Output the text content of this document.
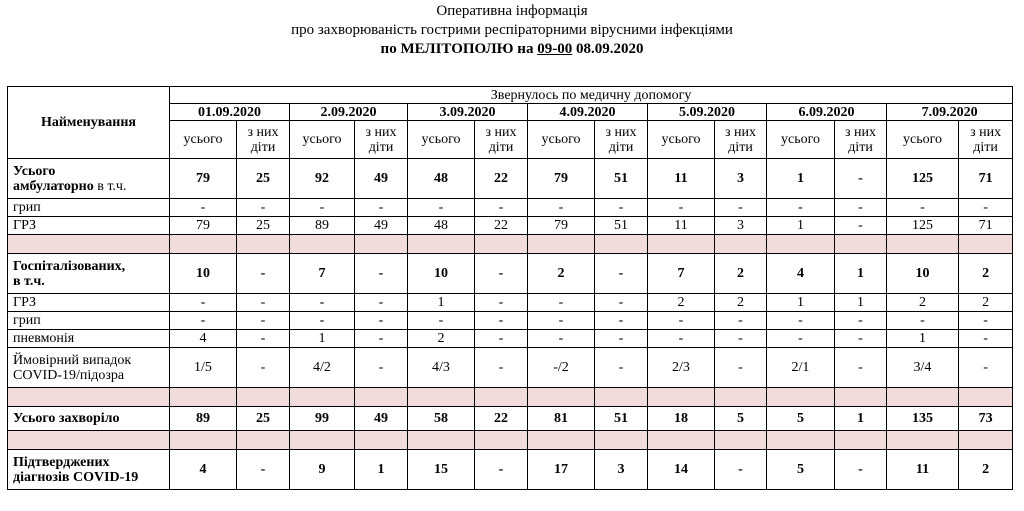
Оперативна інформація
про захворюваність гострими респіраторними вірусними інфекціями
по МЕЛІТОПОЛЮ на 09-00 08.09.2020
Найменування	Звернулось по медичну допомогу													
	01.09.2020		2.09.2020		3.09.2020		4.09.2020		5.09.2020		6.09.2020		7.09.2020	
	усього	з них діти	усього	з них діти	усього	з них діти	усього	з них діти	усього	з них діти	усього	з них діти	усього	з них діти
Усього
амбулаторно в т.ч.	79	25	92	49	48	22	79	51	11	3	1	-	125	71
грип	-	-	-	-	-	-	-	-	-	-	-	-	-	-
ГРЗ	79	25	89	49	48	22	79	51	11	3	1	-	125	71

Госпіталізованих,
в т.ч.	10	-	7	-	10	-	2	-	7	2	4	1	10	2
ГРЗ	-	-	-	-	1	-	-	-	2	2	1	1	2	2
грип	-	-	-	-	-	-	-	-	-	-	-	-	-	-
пневмонія	4	-	1	-	2	-	-	-	-	-	-	-	1	-
Ймовірний випадок
COVID-19/підозра	1/5	-	4/2	-	4/3	-	-/2	-	2/3	-	2/1	-	3/4	-

Усього захворіло	89	25	99	49	58	22	81	51	18	5	5	1	135	73

Підтверджених
діагнозів COVID-19	4	-	9	1	15	-	17	3	14	-	5	-	11	2
